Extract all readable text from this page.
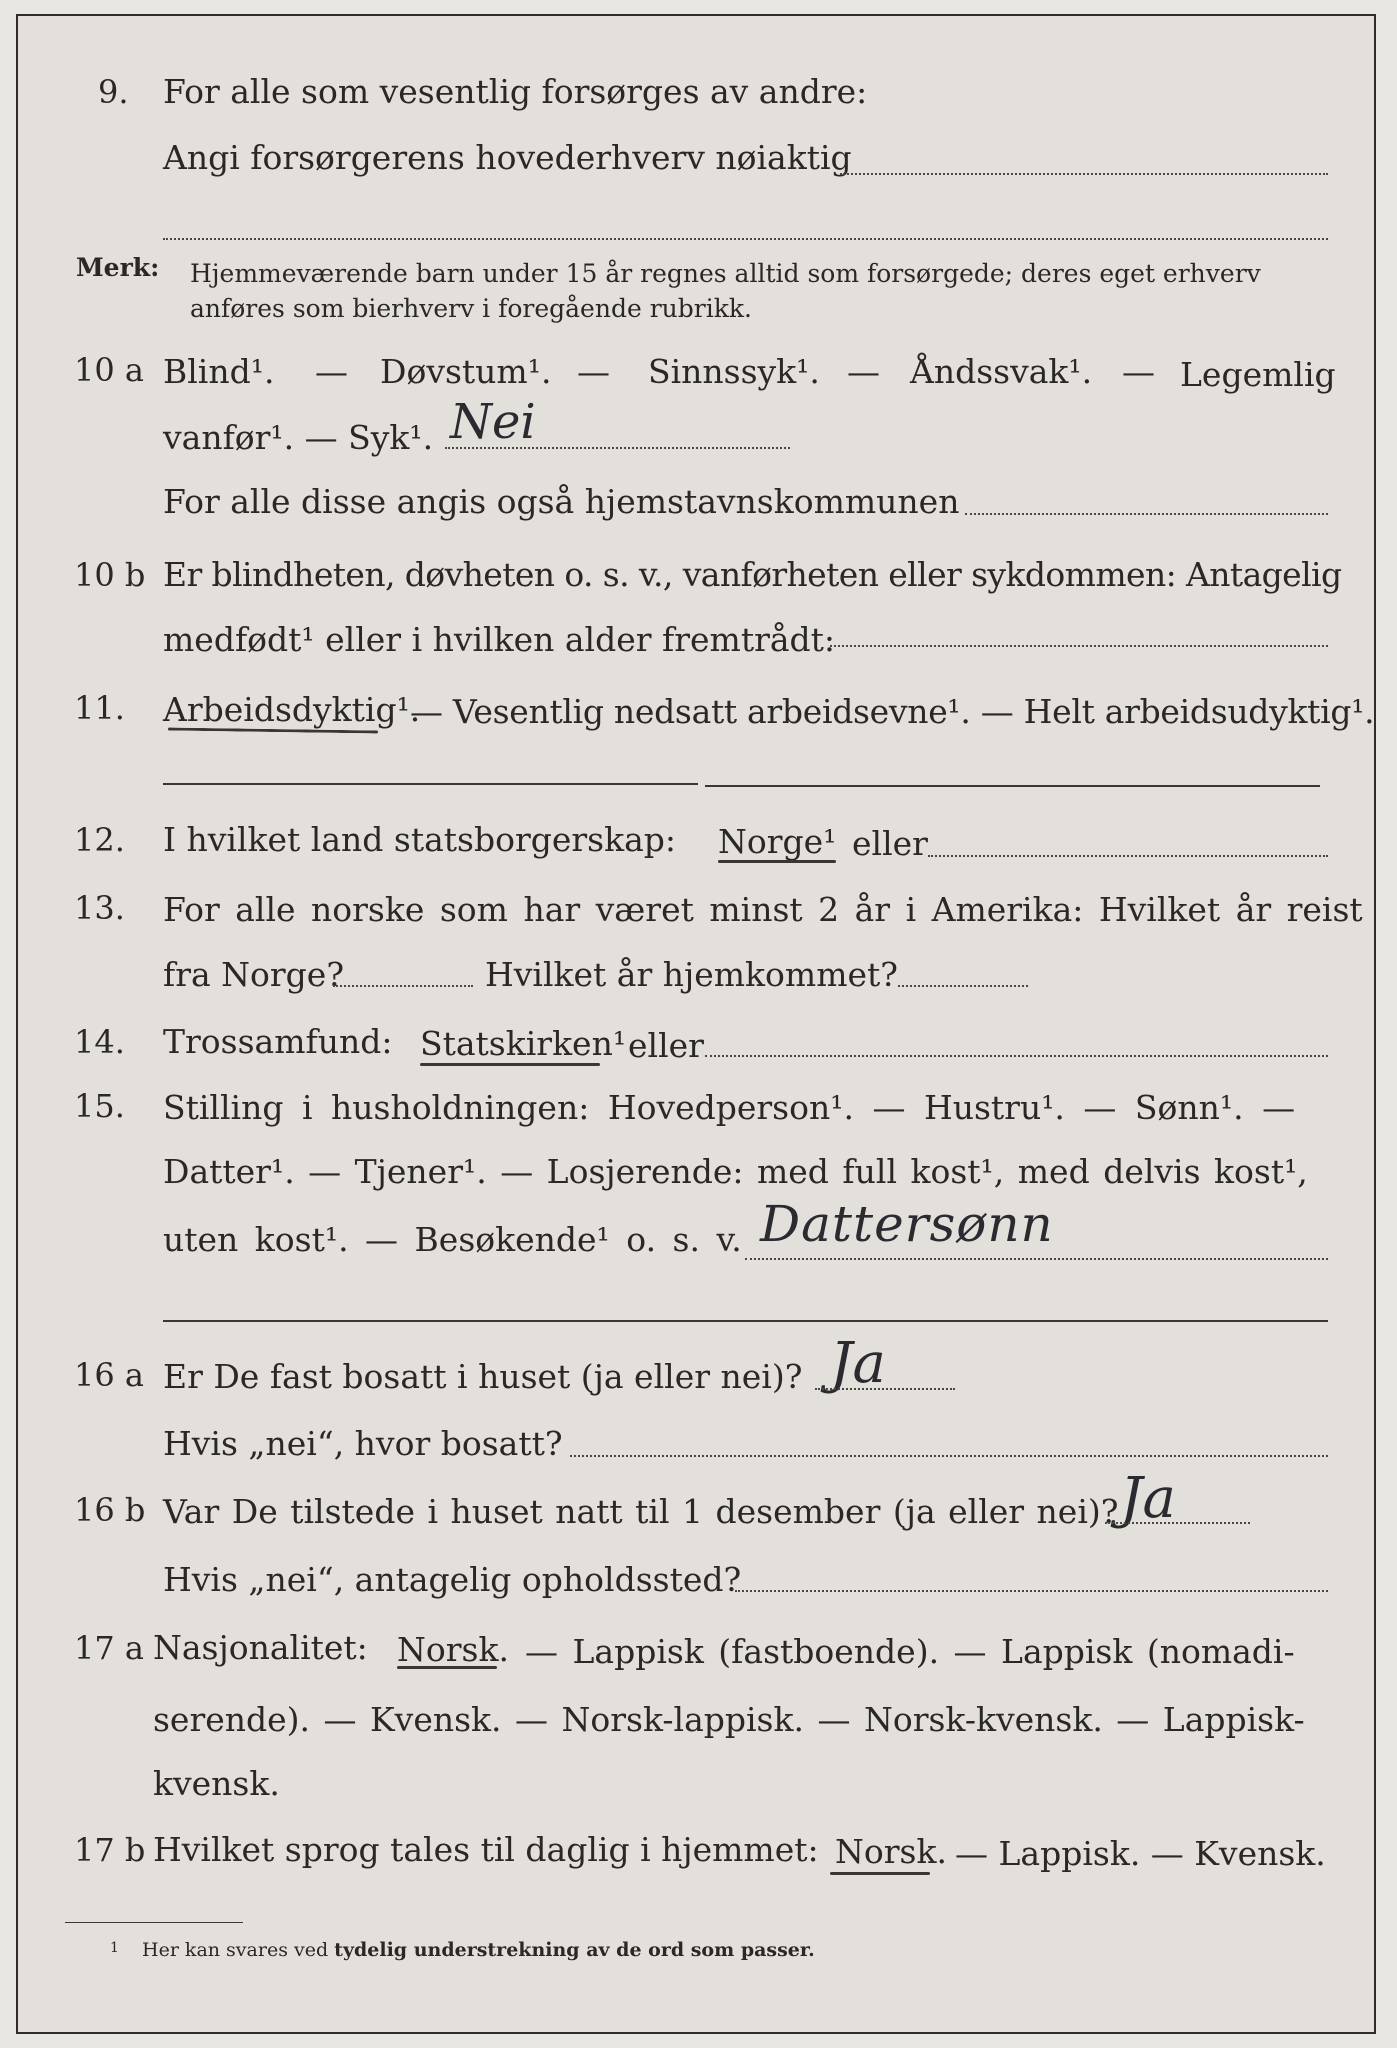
9. For alle som vesentlig forsørges av andre:
Angi forsørgerens hovederhverv nøiaktig
Merk: Hjemmeværende barn under 15 år regnes alltid som forsørgede; deres eget erhverv
anføres som bierhverv i foregående rubrikk.
10 a Blind¹. — Døvstum¹. — Sinnssyk¹. — Åndssvak¹. — Legemlig
vanfør¹. — Syk¹. Nei
For alle disse angis også hjemstavnskommunen
10 b Er blindheten, døvheten o. s. v., vanførheten eller sykdommen: Antagelig
medfødt¹ eller i hvilken alder fremtrådt:
11. Arbeidsdyktig¹.
— Vesentlig nedsatt arbeidsevne¹. — Helt arbeidsudyktig¹.
12. I hvilket land statsborgerskap: Norge¹ eller
13. For alle norske som har været minst 2 år i Amerika: Hvilket år reist
fra Norge?	Hvilket år hjemkommet?
14. Trossamfund: Statskirken¹ eller
15. Stilling i husholdningen: Hovedperson¹. — Hustru¹. — Sønn¹. —
Datter¹. — Tjener¹. — Losjerende: med full kost¹, med delvis kost¹,
uten kost¹. — Besøkende¹ o. s. v. Dattersønn
16 a Er De fast bosatt i huset (ja eller nei)? Ja
Hvis „nei“, hvor bosatt?
16 b Var De tilstede i huset natt til 1 desember (ja eller nei)? Ja
Hvis „nei“, antagelig opholdssted?
17 a Nasjonalitet: Norsk. — Lappisk (fastboende). — Lappisk (nomadi-
serende). — Kvensk. — Norsk-lappisk. — Norsk-kvensk. — Lappisk-
kvensk.
17 b Hvilket sprog tales til daglig i hjemmet: Norsk. — Lappisk. — Kvensk.
1 Her kan svares ved tydelig understrekning av de ord som passer.
